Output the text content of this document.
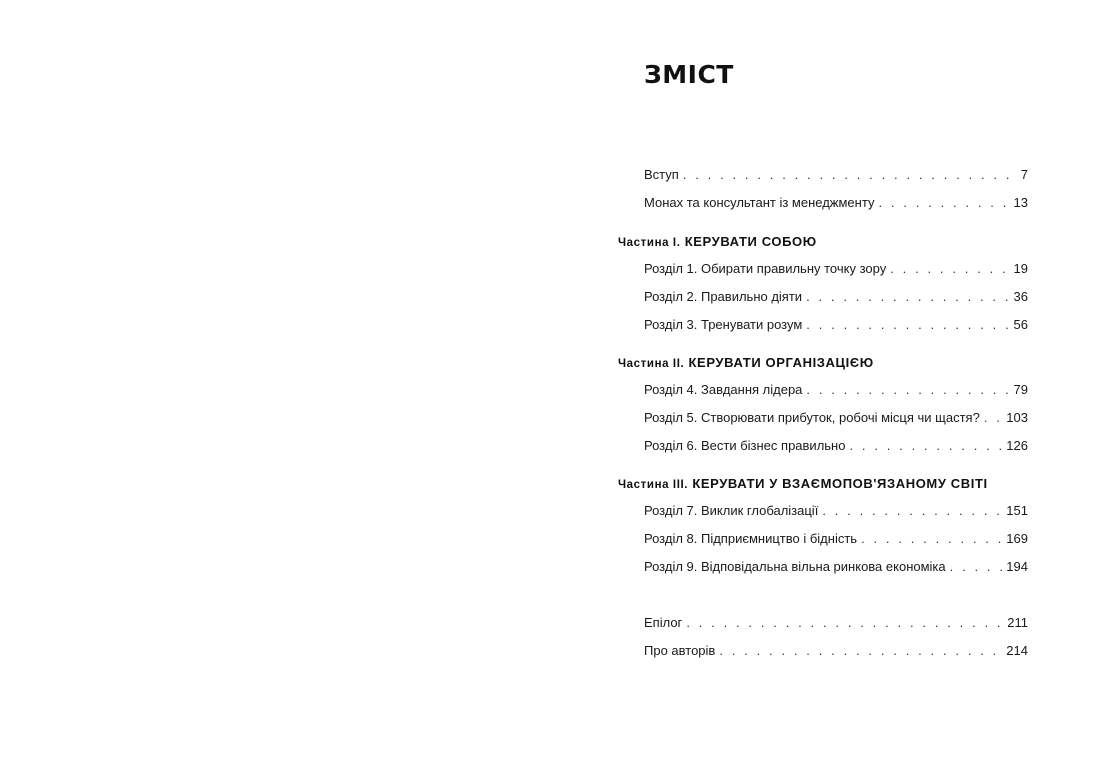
ЗМІСТ
Вступ . . .	7
Монах та консультант із менеджменту . . .	13
Частина І. КЕРУВАТИ СОБОЮ
Розділ 1. Обирати правильну точку зору . . .	19
Розділ 2. Правильно діяти . . .	36
Розділ 3. Тренувати розум . . .	56
Частина ІІ. КЕРУВАТИ ОРГАНІЗАЦІЄЮ
Розділ 4. Завдання лідера . . .	79
Розділ 5. Створювати прибуток, робочі місця чи щастя? . . . 103
Розділ 6. Вести бізнес правильно . . .	126
Частина ІІІ. КЕРУВАТИ У ВЗАЄМОПОВ'ЯЗАНОМУ СВІТІ
Розділ 7. Виклик глобалізації . . .	151
Розділ 8. Підприємництво і бідність . . .	169
Розділ 9. Відповідальна вільна ринкова економіка . . .	194
Епілог . . .	211
Про авторів . . .	214
